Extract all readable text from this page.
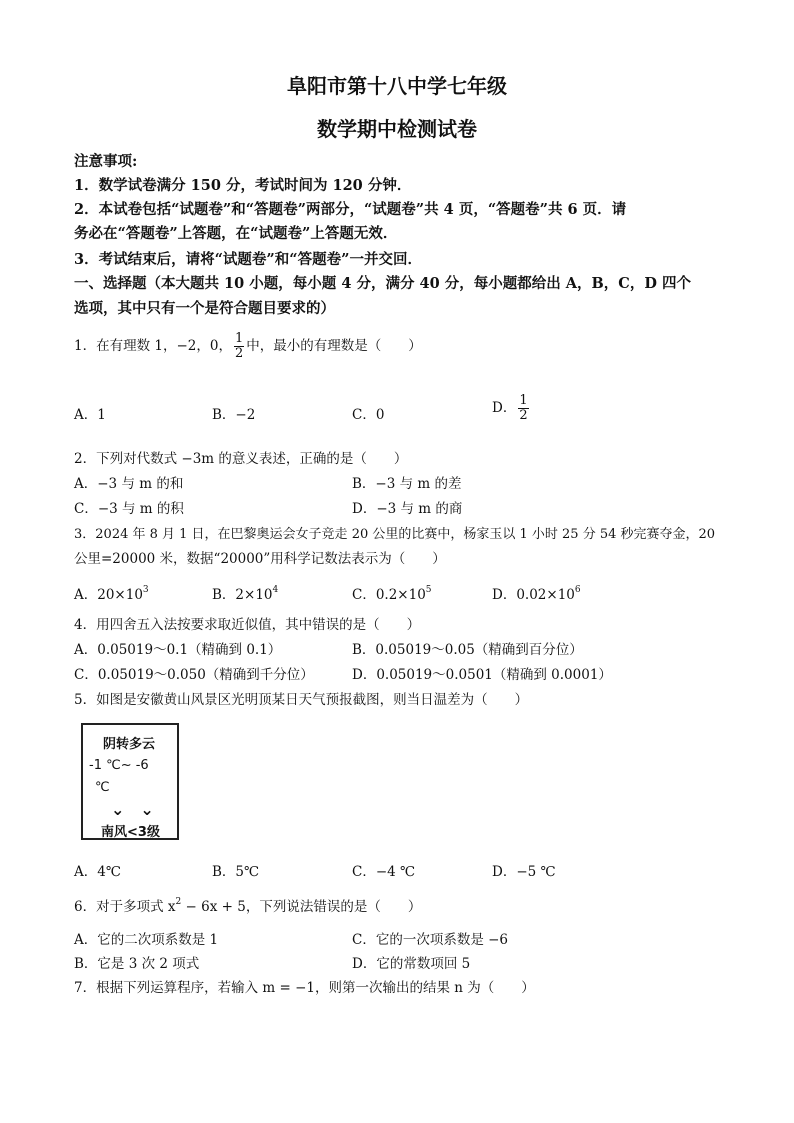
阜阳市第十八中学七年级
数学期中检测试卷
注意事项:
1．数学试卷满分 150 分，考试时间为 120 分钟．
2．本试卷包括“试题卷”和“答题卷”两部分，“试题卷”共 4 页，“答题卷”共 6 页．请
务必在“答题卷”上答题，在“试题卷”上答题无效．
3．考试结束后，请将“试题卷”和“答题卷”一并交回．
一、选择题（本大题共 10 小题，每小题 4 分，满分 40 分，每小题都给出 A，B，C，D 四个
选项，其中只有一个是符合题目要求的）
1．在有理数 1，−2，0， $\frac{1}{2}$ 中，最小的有理数是（　　）
A．1	B．−2	C．0	D． $\frac{1}{2}$
2．下列对代数式 −3m 的意义表述，正确的是（　　）
A．−3 与 m 的和	B．−3 与 m 的差
C．−3 与 m 的积	D．−3 与 m 的商
3．2024 年 8 月 1 日，在巴黎奥运会女子竞走 20 公里的比赛中，杨家玉以 1 小时 25 分 54 秒完赛夺金，20
公里=20000 米，数据“20000”用科学记数法表示为（　　）
A．$20\times 10^3$	B．$2\times 10^4$	C．$0.2\times 10^5$	D．$0.02\times 10^6$
4．用四舍五入法按要求取近似值，其中错误的是（　　）
A．0.05019～0.1（精确到 0.1）	B．0.05019～0.05（精确到百分位）
C．0.05019～0.050（精确到千分位）	D．0.05019～0.0501（精确到 0.0001）
5．如图是安徽黄山风景区光明顶某日天气预报截图，则当日温差为（　　）
阴转多云
-1 ℃~ -6
℃
⌄　⌄
南风<3级
A．4℃	B．5℃	C．−4 ℃	D．−5 ℃
6．对于多项式 $x^2 - 6x + 5$，下列说法错误的是（　　）
A．它的二次项系数是 1	C．它的一次项系数是 −6
B．它是 3 次 2 项式	D．它的常数项回 5
7．根据下列运算程序，若输入 m = −1，则第一次输出的结果 n 为（　　）
